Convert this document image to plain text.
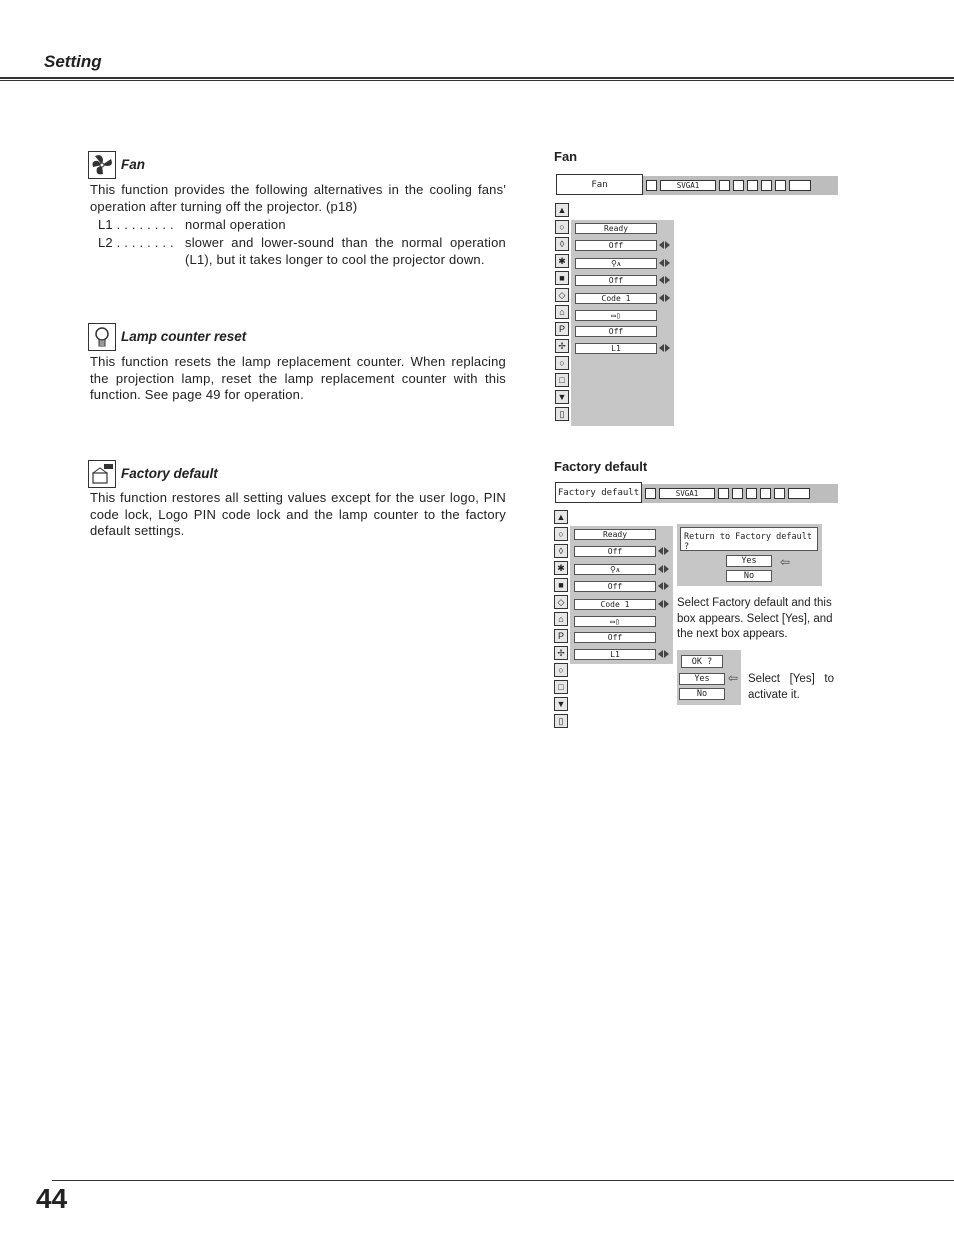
Setting
Fan
This function provides the following alternatives in the cooling fans' operation after turning off the projector. (p18)
L1 . . . . . . . . normal operation
L2 . . . . . . . . slower and lower-sound than the normal operation (L1), but it takes longer to cool the projector down.
Lamp counter reset
This function resets the lamp replacement counter. When replacing the projection lamp, reset the lamp replacement counter with this function. See page 49 for operation.
Factory default
This function restores all setting values except for the user logo, PIN code lock, Logo PIN code lock and the lamp counter to the factory default settings.
Fan
Fan	SVGA1
▲
○
◊
✱
■
◇
⌂
P
✢
○
□
▼
▯
Ready
Off
⚲ᴀ
Off
Code 1
▭▯
Off
L1
Factory default
Factory default	SVGA1
▲
○
◊
✱
■
◇
⌂
P
✢
○
□
▼
▯
Ready
Off
⚲ᴀ
Off
Code 1
▭▯
Off
L1
Return to Factory default ?
Yes
No
⇦
Select Factory default and this box appears. Select [Yes], and the next box appears.
OK ?
Yes
No
⇦ Select [Yes] to activate it.
44
